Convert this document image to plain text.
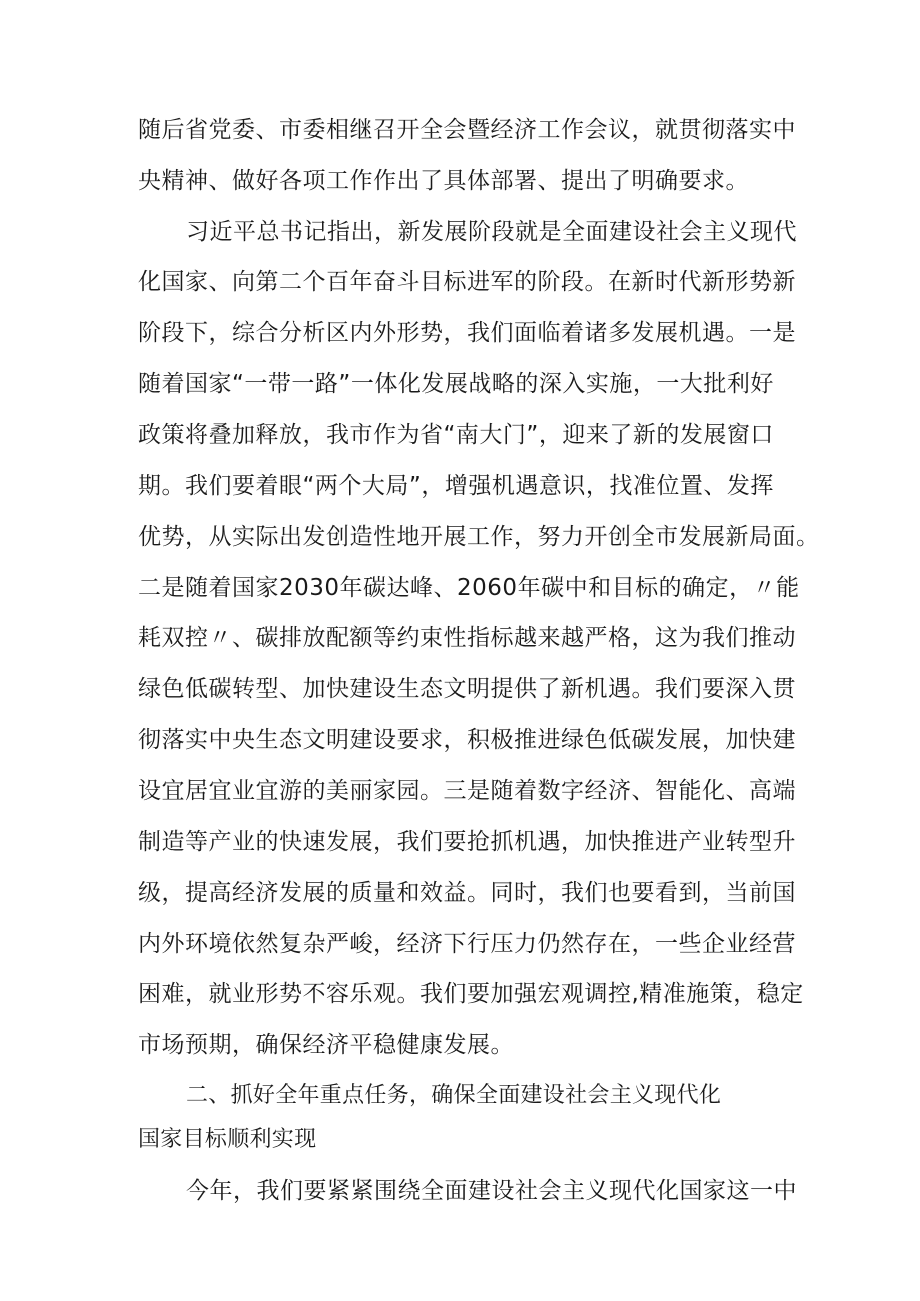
随后省党委、市委相继召开全会暨经济工作会议，就贯彻落实中
央精神、做好各项工作作出了具体部署、提出了明确要求。
习近平总书记指出，新发展阶段就是全面建设社会主义现代
化国家、向第二个百年奋斗目标进军的阶段。在新时代新形势新
阶段下，综合分析区内外形势，我们面临着诸多发展机遇。一是
随着国家“一带一路”一体化发展战略的深入实施，一大批利好
政策将叠加释放，我市作为省“南大门”，迎来了新的发展窗口
期。我们要着眼“两个大局”，增强机遇意识，找准位置、发挥
优势，从实际出发创造性地开展工作，努力开创全市发展新局面。
二是随着国家2030年碳达峰、2060年碳中和目标的确定，〃能
耗双控〃、碳排放配额等约束性指标越来越严格，这为我们推动
绿色低碳转型、加快建设生态文明提供了新机遇。我们要深入贯
彻落实中央生态文明建设要求，积极推进绿色低碳发展，加快建
设宜居宜业宜游的美丽家园。三是随着数字经济、智能化、高端
制造等产业的快速发展，我们要抢抓机遇，加快推进产业转型升
级，提高经济发展的质量和效益。同时，我们也要看到，当前国
内外环境依然复杂严峻，经济下行压力仍然存在，一些企业经营
困难，就业形势不容乐观。我们要加强宏观调控,精准施策，稳定
市场预期，确保经济平稳健康发展。
二、抓好全年重点任务，确保全面建设社会主义现代化
国家目标顺利实现
今年，我们要紧紧围绕全面建设社会主义现代化国家这一中
